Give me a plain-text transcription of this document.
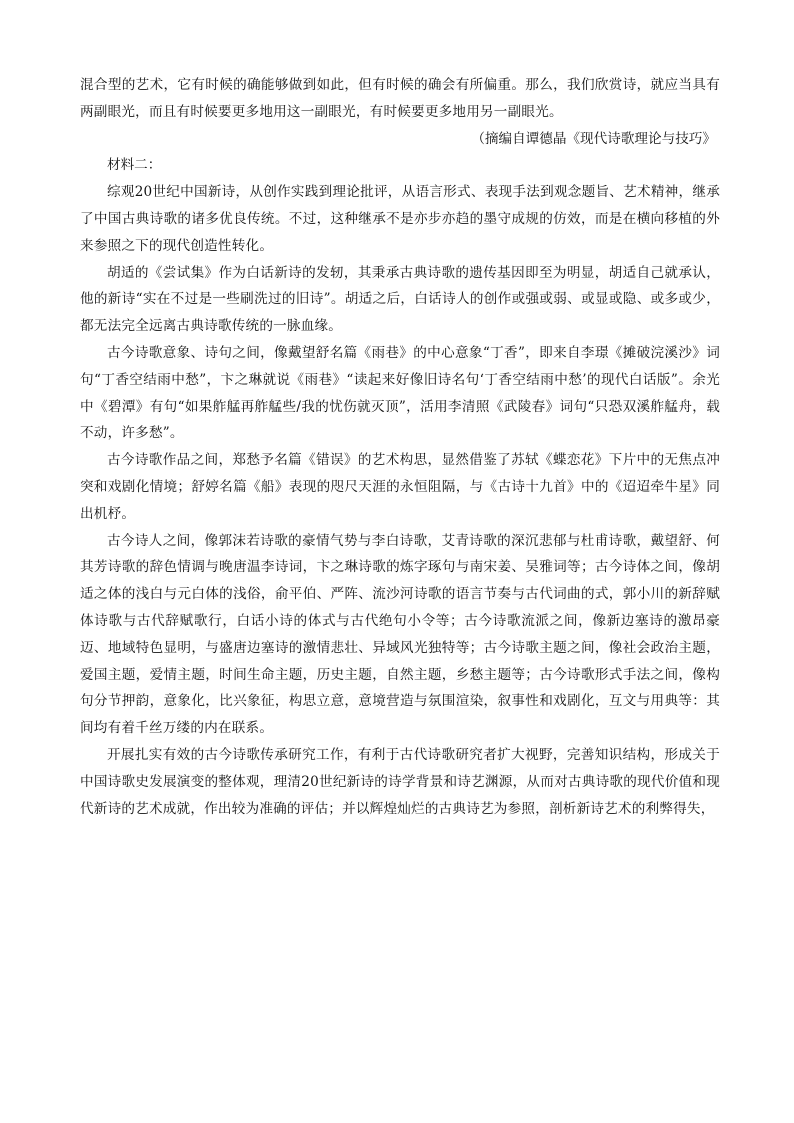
混合型的艺术，它有时候的确能够做到如此，但有时候的确会有所偏重。那么，我们欣赏诗，就应当具有两副眼光，而且有时候要更多地用这一副眼光，有时候要更多地用另一副眼光。

（摘编自谭德晶《现代诗歌理论与技巧》

材料二：

综观20世纪中国新诗，从创作实践到理论批评，从语言形式、表现手法到观念题旨、艺术精神，继承了中国古典诗歌的诸多优良传统。不过，这种继承不是亦步亦趋的墨守成规的仿效，而是在横向移植的外来参照之下的现代创造性转化。

胡适的《尝试集》作为白话新诗的发轫，其秉承古典诗歌的遗传基因即至为明显，胡适自己就承认，他的新诗“实在不过是一些刷洗过的旧诗”。胡适之后，白话诗人的创作或强或弱、或显或隐、或多或少，都无法完全远离古典诗歌传统的一脉血缘。

古今诗歌意象、诗句之间，像戴望舒名篇《雨巷》的中心意象“丁香”，即来自李璟《摊破浣溪沙》词句“丁香空结雨中愁”，卞之琳就说《雨巷》“读起来好像旧诗名句‘丁香空结雨中愁’的现代白话版”。余光中《碧潭》有句“如果舴艋再舴艋些/我的忧伤就灭顶”，活用李清照《武陵春》词句“只恐双溪舴艋舟，载不动，许多愁”。

古今诗歌作品之间，郑愁予名篇《错误》的艺术构思，显然借鉴了苏轼《蝶恋花》下片中的无焦点冲突和戏剧化情境；舒婷名篇《船》表现的咫尺天涯的永恒阻隔，与《古诗十九首》中的《迢迢牵牛星》同出机杼。

古今诗人之间，像郭沫若诗歌的豪情气势与李白诗歌，艾青诗歌的深沉悲郁与杜甫诗歌，戴望舒、何其芳诗歌的辞色情调与晚唐温李诗词，卞之琳诗歌的炼字琢句与南宋姜、吴雅词等；古今诗体之间，像胡适之体的浅白与元白体的浅俗，俞平伯、严阵、流沙河诗歌的语言节奏与古代词曲的式，郭小川的新辞赋体诗歌与古代辞赋歌行，白话小诗的体式与古代绝句小令等；古今诗歌流派之间，像新边塞诗的激昂豪迈、地域特色显明，与盛唐边塞诗的激情悲壮、异域风光独特等；古今诗歌主题之间，像社会政治主题，爱国主题，爱情主题，时间生命主题，历史主题，自然主题，乡愁主题等；古今诗歌形式手法之间，像构句分节押韵，意象化，比兴象征，构思立意，意境营造与氛围渲染，叙事性和戏剧化，互文与用典等：其间均有着千丝万缕的内在联系。

开展扎实有效的古今诗歌传承研究工作，有利于古代诗歌研究者扩大视野，完善知识结构，形成关于中国诗歌史发展演变的整体观，理清20世纪新诗的诗学背景和诗艺渊源，从而对古典诗歌的现代价值和现代新诗的艺术成就，作出较为准确的评估；并以辉煌灿烂的古典诗艺为参照，剖析新诗艺术的利弊得失，
